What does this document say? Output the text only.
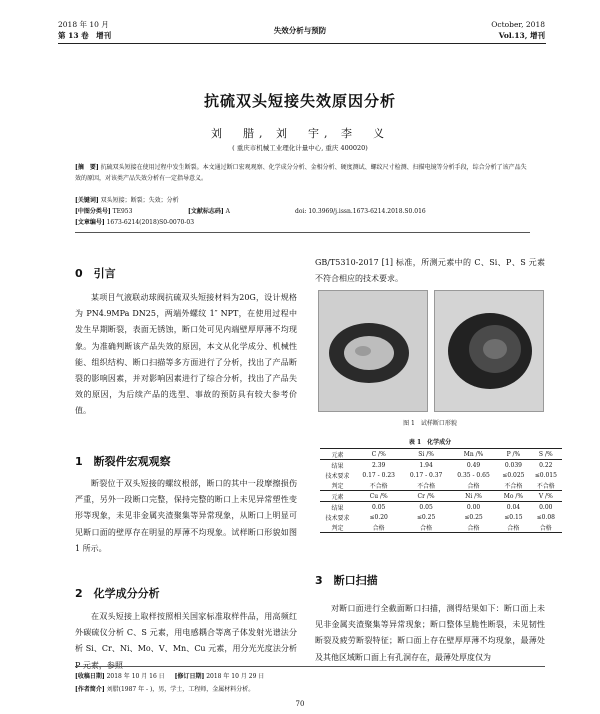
2018 年 10 月
第 13 卷　增刊
失效分析与预防
October, 2018
Vol.13, 增刊
抗硫双头短接失效原因分析
刘　腊, 刘　宇, 李　义
( 重庆市机械工业理化计量中心, 重庆 400020)
[摘　要] 抗硫双头短接在使用过程中发生断裂。本文通过断口宏观观察、化学成分分析、金相分析、硬度测试、螺纹尺寸检测、扫描电镜等分析手段，综合分析了该产品失效的原因，对该类产品失效分析有一定指导意义。
[关键词] 双头短接；断裂；失效；分析
[中图分类号] TE953	[文献标志码] A	doi: 10.3969/j.issn.1673-6214.2018.S0.016
[文章编号] 1673-6214(2018)S0-0070-03
0　引言
某项目气液联动球阀抗硫双头短接材料为20G，设计规格为 PN4.9MPa DN25，两端外螺纹 1″ NPT，在使用过程中发生早期断裂，表面无锈蚀，断口处可见内端壁厚厚薄不均现象。为准确判断该产品失效的原因，本文从化学成分、机械性能、组织结构、断口扫描等多方面进行了分析，找出了产品断裂的影响因素，并对影响因素进行了综合分析，找出了产品失效的原因，为后续产品的选型、事故的预防具有较大参考价值。
1　断裂件宏观观察
断裂位于双头短接的螺纹根部，断口的其中一段摩擦损伤严重，另外一段断口完整，保持完整的断口上未见异常塑性变形等现象，未见非金属夹渣聚集等异常现象，从断口上明显可见断口面的壁厚存在明显的厚薄不均现象。试样断口形貌如图 1 所示。
2　化学成分分析
在双头短接上取样按照相关国家标准取样件品，用高频红外碳硫仪分析 C、S 元素，用电感耦合等离子体发射光谱法分析 Si、Cr、Ni、Mo、V、Mn、Cu 元素，用分光光度法分析
GB/T5310-2017 [1] 标准，所测元素中的 C、Si、P、S 元素不符合相应的技术要求。
图 1　试样断口形貌
表 1　化学成分
元素	C /%	Si /%	Mn /%	P /%	S /%
结果	2.39	1.94	0.49	0.039	0.22
技术要求	0.17 - 0.23	0.17 - 0.37	0.35 - 0.65	≤0.025	≤0.015
判定	不合格	不合格	合格	不合格	不合格
元素	Cu /%	Cr /%	Ni /%	Mo /%	V /%
结果	0.05	0.05	0.00	0.04	0.00
技术要求	≤0.20	≤0.25	≤0.25	≤0.15	≤0.08
判定	合格	合格	合格	合格	合格
3　断口扫描
对断口面进行全截面断口扫描，测得结果如下：断口面上未见非金属夹渣聚集等异常现象；断口整体呈脆性断裂，未见韧性断裂及疲劳断裂特征；断口面上存在壁厚厚薄不均现象，最薄处及其他区域断口面上有孔洞存在，最薄处厚度仅为
[收稿日期] 2018 年 10 月 16 日 [修订日期] 2018 年 10 月 29 日
[作者简介] 刘腊(1987 年 - )，男，学士，工程师，金属材料分析。
70
